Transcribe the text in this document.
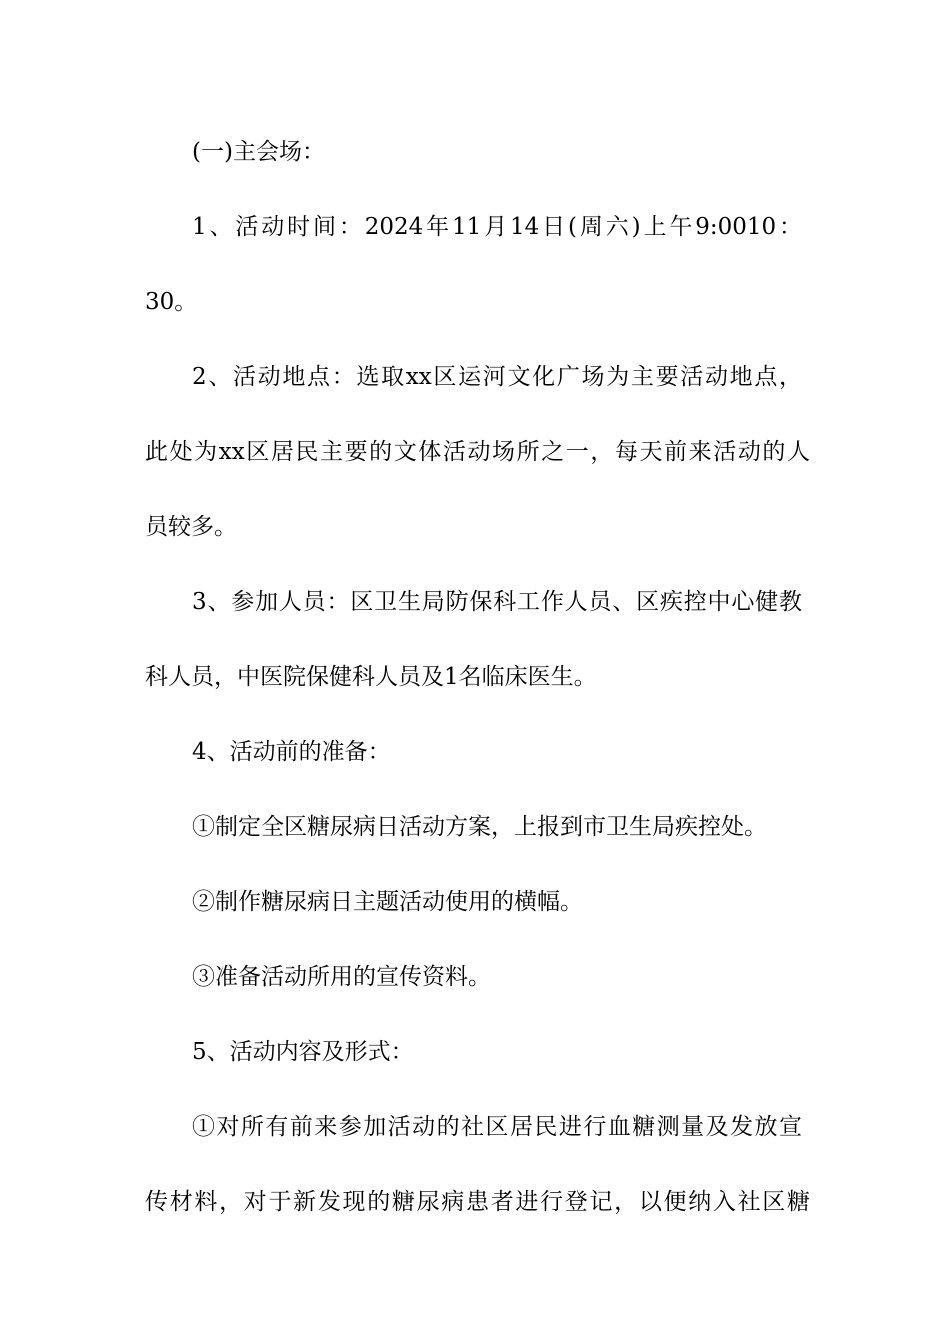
(一)主会场：
1、活动时间：2024年11月14日(周六)上午9:0010：
30。
2、活动地点：选取xx区运河文化广场为主要活动地点，
此处为xx区居民主要的文体活动场所之一，每天前来活动的人
员较多。
3、参加人员：区卫生局防保科工作人员、区疾控中心健教
科人员，中医院保健科人员及1名临床医生。
4、活动前的准备：
①制定全区糖尿病日活动方案，上报到市卫生局疾控处。
②制作糖尿病日主题活动使用的横幅。
③准备活动所用的宣传资料。
5、活动内容及形式：
①对所有前来参加活动的社区居民进行血糖测量及发放宣
传材料，对于新发现的糖尿病患者进行登记，以便纳入社区糖
